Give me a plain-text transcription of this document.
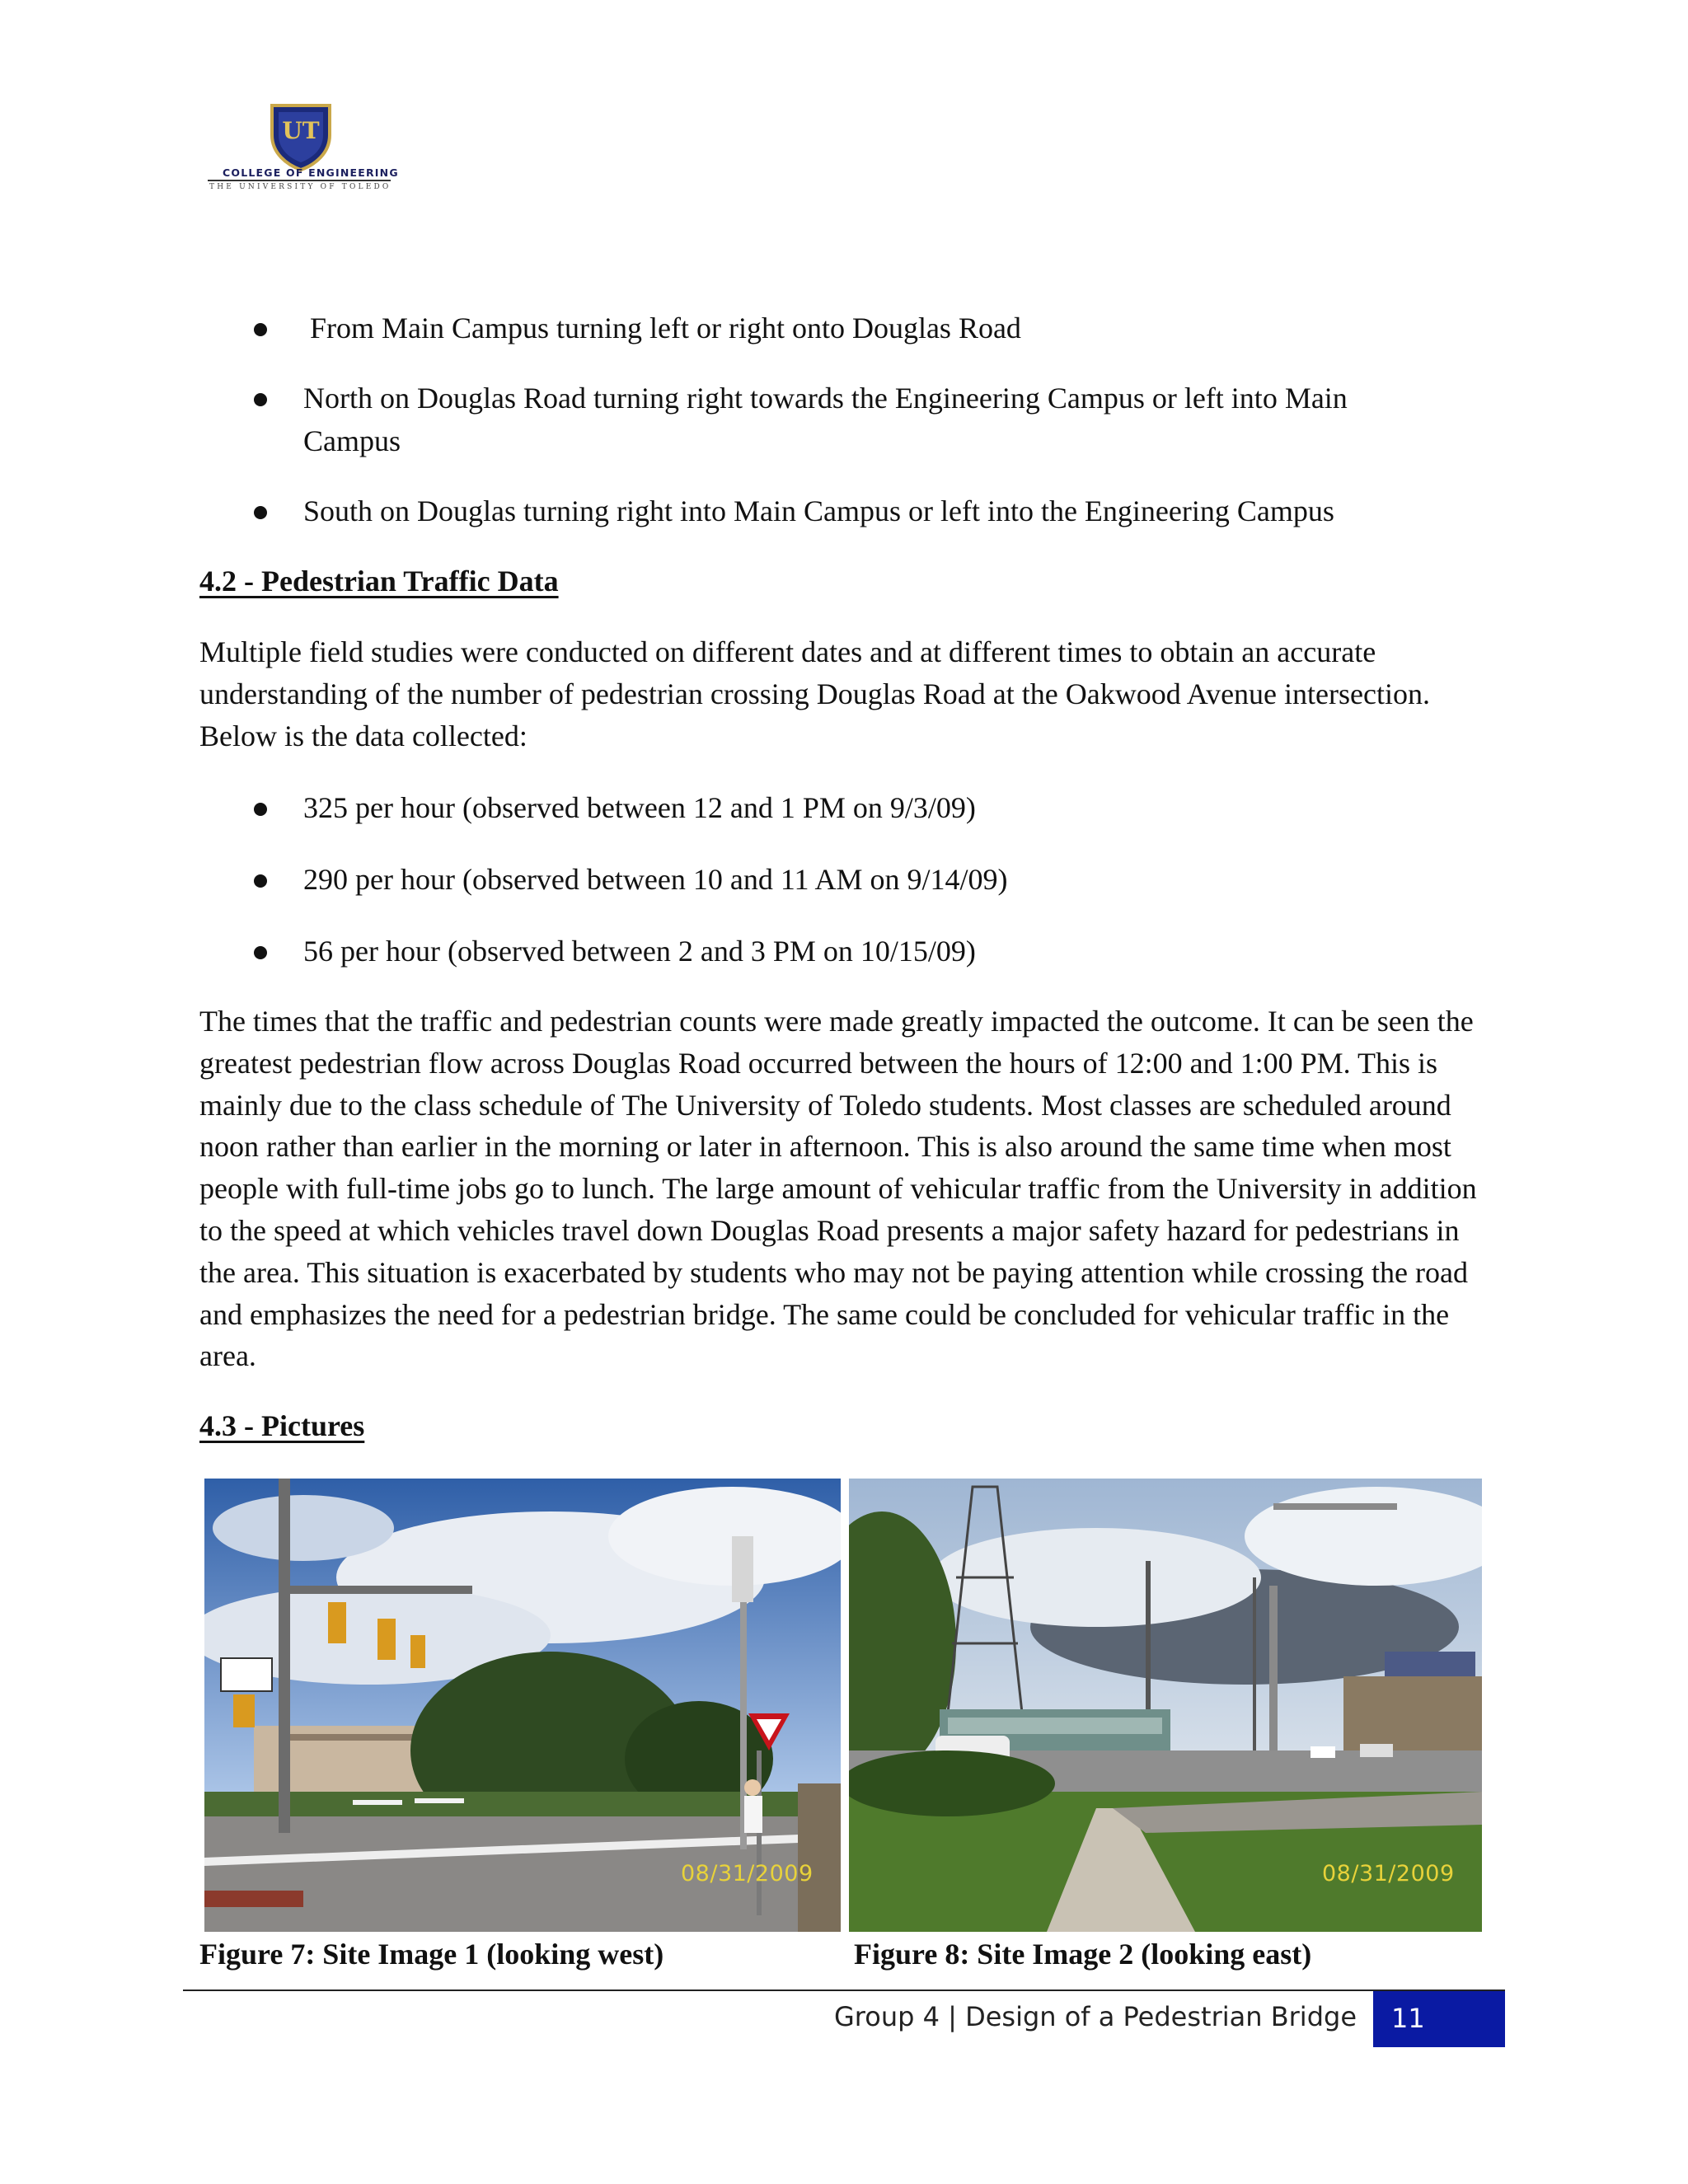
UT
COLLEGE OF ENGINEERING
THE UNIVERSITY OF TOLEDO
From Main Campus turning left or right onto Douglas Road
North on Douglas Road turning right towards the Engineering Campus or left into Main Campus
South on Douglas turning right into Main Campus or left into the Engineering Campus
4.2 - Pedestrian Traffic Data
Multiple field studies were conducted on different dates and at different times to obtain an accurate understanding of the number of pedestrian crossing Douglas Road at the Oakwood Avenue intersection. Below is the data collected:
325 per hour (observed between 12 and 1 PM on 9/3/09)
290 per hour (observed between 10 and 11 AM on 9/14/09)
56 per hour (observed between 2 and 3 PM on 10/15/09)
The times that the traffic and pedestrian counts were made greatly impacted the outcome. It can be seen the greatest pedestrian flow across Douglas Road occurred between the hours of 12:00 and 1:00 PM. This is mainly due to the class schedule of The University of Toledo students. Most classes are scheduled around noon rather than earlier in the morning or later in afternoon. This is also around the same time when most people with full-time jobs go to lunch. The large amount of vehicular traffic from the University in addition to the speed at which vehicles travel down Douglas Road presents a major safety hazard for pedestrians in the area. This situation is exacerbated by students who may not be paying attention while crossing the road and emphasizes the need for a pedestrian bridge. The same could be concluded for vehicular traffic in the area.
4.3 - Pictures
08/31/2009	08/31/2009
Figure 7: Site Image 1 (looking west)	Figure 8: Site Image 2 (looking east)
Group 4 | Design of a Pedestrian Bridge 11
